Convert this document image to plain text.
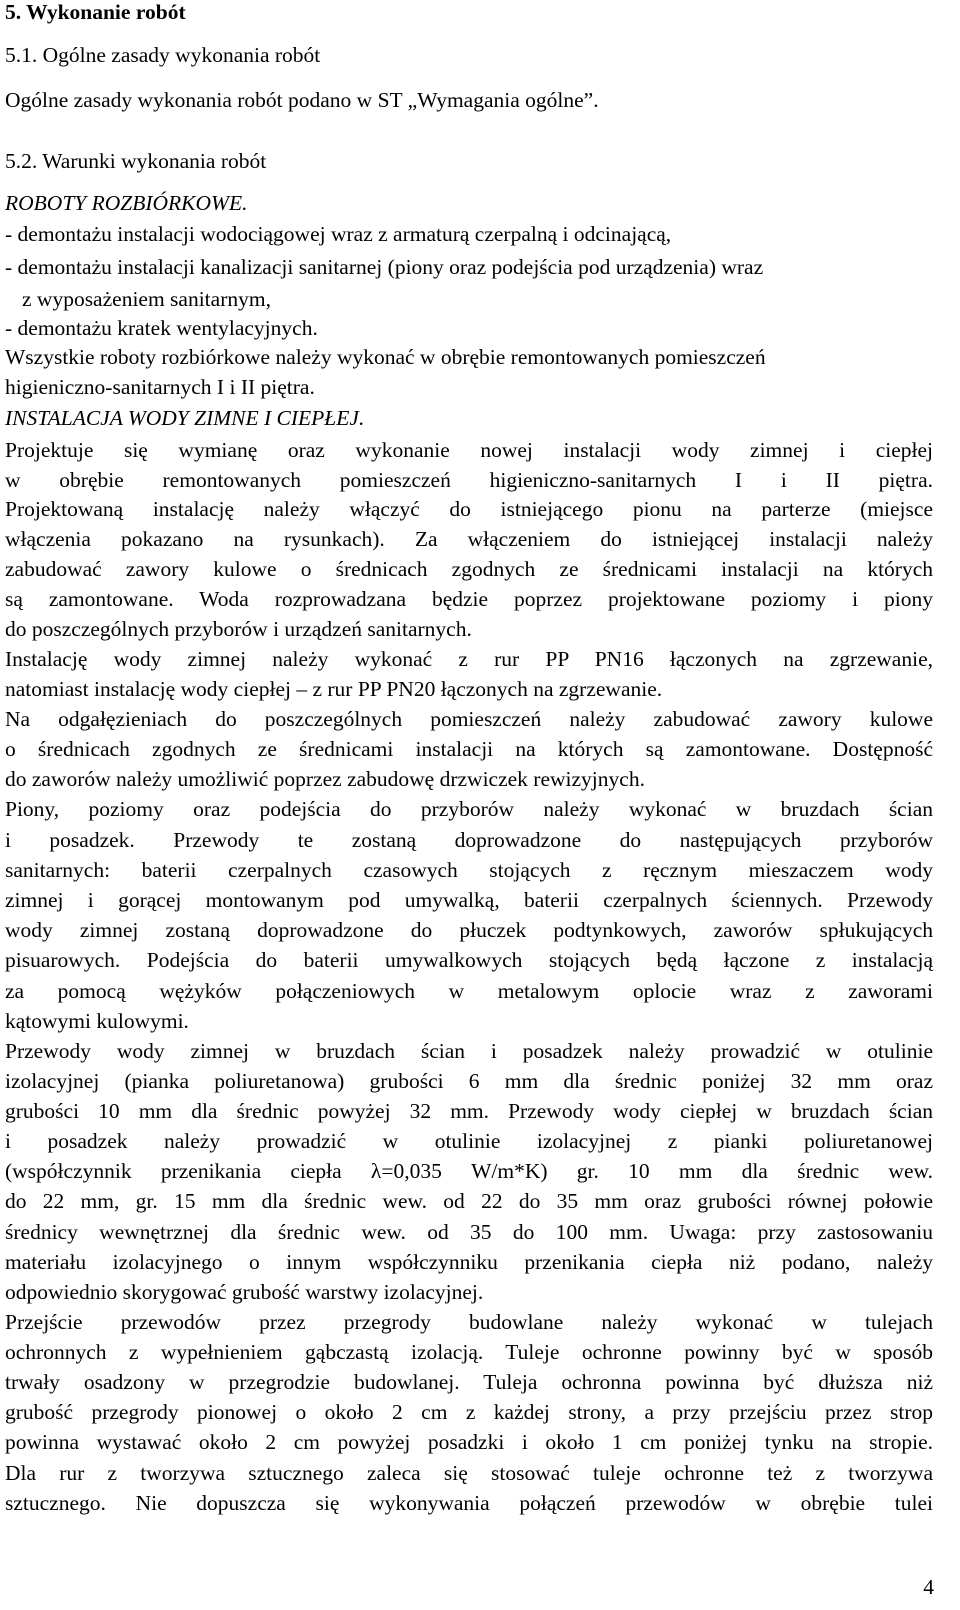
5. Wykonanie robót
5.1. Ogólne zasady wykonania robót
Ogólne zasady wykonania robót podano w ST „Wymagania ogólne”.
5.2. Warunki wykonania robót
ROBOTY ROZBIÓRKOWE.
- demontażu instalacji wodociągowej wraz z armaturą czerpalną i odcinającą,
- demontażu instalacji kanalizacji sanitarnej (piony oraz podejścia pod urządzenia) wraz
z wyposażeniem sanitarnym,
- demontażu kratek wentylacyjnych.
Wszystkie roboty rozbiórkowe należy wykonać w obrębie remontowanych pomieszczeń
higieniczno-sanitarnych I i II piętra.
INSTALACJA WODY ZIMNE I CIEPŁEJ.
Projektuje się wymianę oraz wykonanie nowej instalacji wody zimnej i ciepłej
w obrębie remontowanych pomieszczeń higieniczno-sanitarnych I i II piętra.
Projektowaną instalację należy włączyć do istniejącego pionu na parterze (miejsce
włączenia pokazano na rysunkach). Za włączeniem do istniejącej instalacji należy
zabudować zawory kulowe o średnicach zgodnych ze średnicami instalacji na których
są zamontowane. Woda rozprowadzana będzie poprzez projektowane poziomy i piony
do poszczególnych przyborów i urządzeń sanitarnych.
Instalację wody zimnej należy wykonać z rur PP PN16 łączonych na zgrzewanie,
natomiast instalację wody ciepłej – z rur PP PN20 łączonych na zgrzewanie.
Na odgałęzieniach do poszczególnych pomieszczeń należy zabudować zawory kulowe
o średnicach zgodnych ze średnicami instalacji na których są zamontowane. Dostępność
do zaworów należy umożliwić poprzez zabudowę drzwiczek rewizyjnych.
Piony, poziomy oraz podejścia do przyborów należy wykonać w bruzdach ścian
i posadzek. Przewody te zostaną doprowadzone do następujących przyborów
sanitarnych: baterii czerpalnych czasowych stojących z ręcznym mieszaczem wody
zimnej i gorącej montowanym pod umywalką, baterii czerpalnych ściennych. Przewody
wody zimnej zostaną doprowadzone do płuczek podtynkowych, zaworów spłukujących
pisuarowych. Podejścia do baterii umywalkowych stojących będą łączone z instalacją
za pomocą wężyków połączeniowych w metalowym oplocie wraz z zaworami
kątowymi kulowymi.
Przewody wody zimnej w bruzdach ścian i posadzek należy prowadzić w otulinie
izolacyjnej (pianka poliuretanowa) grubości 6 mm dla średnic poniżej 32 mm oraz
grubości 10 mm dla średnic powyżej 32 mm. Przewody wody ciepłej w bruzdach ścian
i posadzek należy prowadzić w otulinie izolacyjnej z pianki poliuretanowej
(współczynnik przenikania ciepła λ=0,035 W/m*K) gr. 10 mm dla średnic wew.
do 22 mm, gr. 15 mm dla średnic wew. od 22 do 35 mm oraz grubości równej połowie
średnicy wewnętrznej dla średnic wew. od 35 do 100 mm. Uwaga: przy zastosowaniu
materiału izolacyjnego o innym współczynniku przenikania ciepła niż podano, należy
odpowiednio skorygować grubość warstwy izolacyjnej.
Przejście przewodów przez przegrody budowlane należy wykonać w tulejach
ochronnych z wypełnieniem gąbczastą izolacją. Tuleje ochronne powinny być w sposób
trwały osadzony w przegrodzie budowlanej. Tuleja ochronna powinna być dłuższa niż
grubość przegrody pionowej o około 2 cm z każdej strony, a przy przejściu przez strop
powinna wystawać około 2 cm powyżej posadzki i około 1 cm poniżej tynku na stropie.
Dla rur z tworzywa sztucznego zaleca się stosować tuleje ochronne też z tworzywa
sztucznego. Nie dopuszcza się wykonywania połączeń przewodów w obrębie tulei
4
